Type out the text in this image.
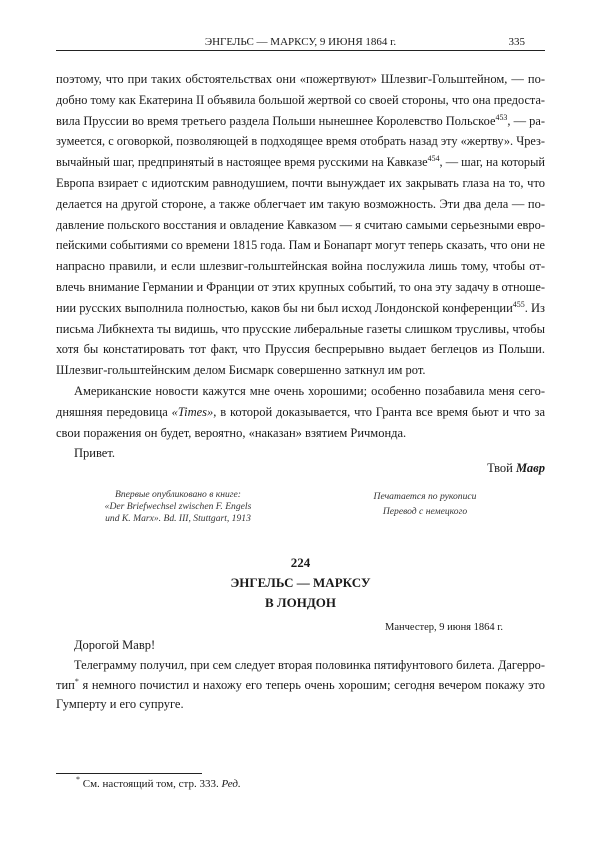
ЭНГЕЛЬС — МАРКСУ, 9 ИЮНЯ 1864 г.	335
поэтому, что при таких обстоятельствах они «пожертвуют» Шлезвиг-Гольштейном, — по-
добно тому как Екатерина II объявила большой жертвой со своей стороны, что она предоста-
вила Пруссии во время третьего раздела Польши нынешнее Королевство Польское$^{453}$, — ра-
зумеется, с оговоркой, позволяющей в подходящее время отобрать назад эту «жертву». Чрез-
вычайный шаг, предпринятый в настоящее время русскими на Кавказе$^{454}$, — шаг, на который
Европа взирает с идиотским равнодушием, почти вынуждает их закрывать глаза на то, что
делается на другой стороне, а также облегчает им такую возможность. Эти два дела — по-
давление польского восстания и овладение Кавказом — я считаю самыми серьезными евро-
пейскими событиями со времени 1815 года. Пам и Бонапарт могут теперь сказать, что они не
напрасно правили, и если шлезвиг-гольштейнская война послужила лишь тому, чтобы от-
влечь внимание Германии и Франции от этих крупных событий, то она эту задачу в отноше-
нии русских выполнила полностью, каков бы ни был исход Лондонской конференции$^{455}$. Из
письма Либкнехта ты видишь, что прусские либеральные газеты слишком трусливы, чтобы
хотя бы констатировать тот факт, что Пруссия беспрерывно выдает беглецов из Польши.
Шлезвиг-гольштейнским делом Бисмарк совершенно заткнул им рот.
Американские новости кажутся мне очень хорошими; особенно позабавила меня сего-
дняшняя передовица «Times», в которой доказывается, что Гранта все время бьют и что за
свои поражения он будет, вероятно, «наказан» взятием Ричмонда.
Привет.
Твой Мавр
Впервые опубликовано в книге:
«Der Briefwechsel zwischen F. Engels
und K. Marx». Bd. III, Stuttgart, 1913
Печатается по рукописи
Перевод с немецкого
224
ЭНГЕЛЬС — МАРКСУ
В ЛОНДОН
Манчестер, 9 июня 1864 г.
Дорогой Мавр!
Телеграмму получил, при сем следует вторая половинка пятифунтового билета. Дагерро-
тип* я немного почистил и нахожу его теперь очень хорошим; сегодня вечером покажу это
Гумперту и его супруге.
* См. настоящий том, стр. 333. Ред.
